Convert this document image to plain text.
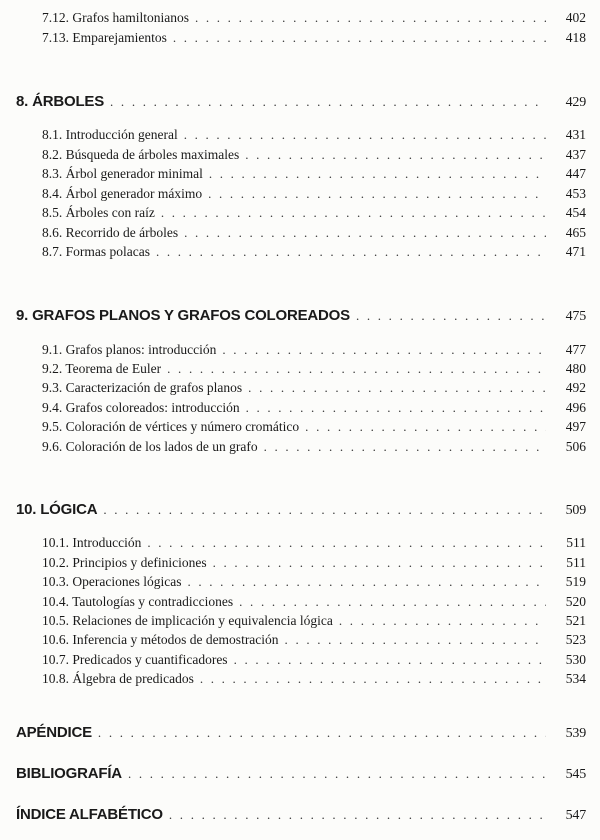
7.12. Grafos hamiltonianos . . .	402
7.13. Emparejamientos . . .	418
8. ÁRBOLES . . .	429
8.1. Introducción general . . .	431
8.2. Búsqueda de árboles maximales . . .	437
8.3. Árbol generador minimal . . .	447
8.4. Árbol generador máximo . . .	453
8.5. Árboles con raíz . . .	454
8.6. Recorrido de árboles . . .	465
8.7. Formas polacas . . .	471
9. GRAFOS PLANOS Y GRAFOS COLOREADOS . . .	475
9.1. Grafos planos: introducción . . .	477
9.2. Teorema de Euler . . .	480
9.3. Caracterización de grafos planos . . .	492
9.4. Grafos coloreados: introducción . . .	496
9.5. Coloración de vértices y número cromático . . .	497
9.6. Coloración de los lados de un grafo . . .	506
10. LÓGICA . . .	509
10.1. Introducción . . .	511
10.2. Principios y definiciones . . .	511
10.3. Operaciones lógicas . . .	519
10.4. Tautologías y contradicciones . . .	520
10.5. Relaciones de implicación y equivalencia lógica . . .	521
10.6. Inferencia y métodos de demostración . . .	523
10.7. Predicados y cuantificadores . . .	530
10.8. Álgebra de predicados . . .	534
APÉNDICE . . .	539
BIBLIOGRAFÍA . . .	545
ÍNDICE ALFABÉTICO . . .	547
